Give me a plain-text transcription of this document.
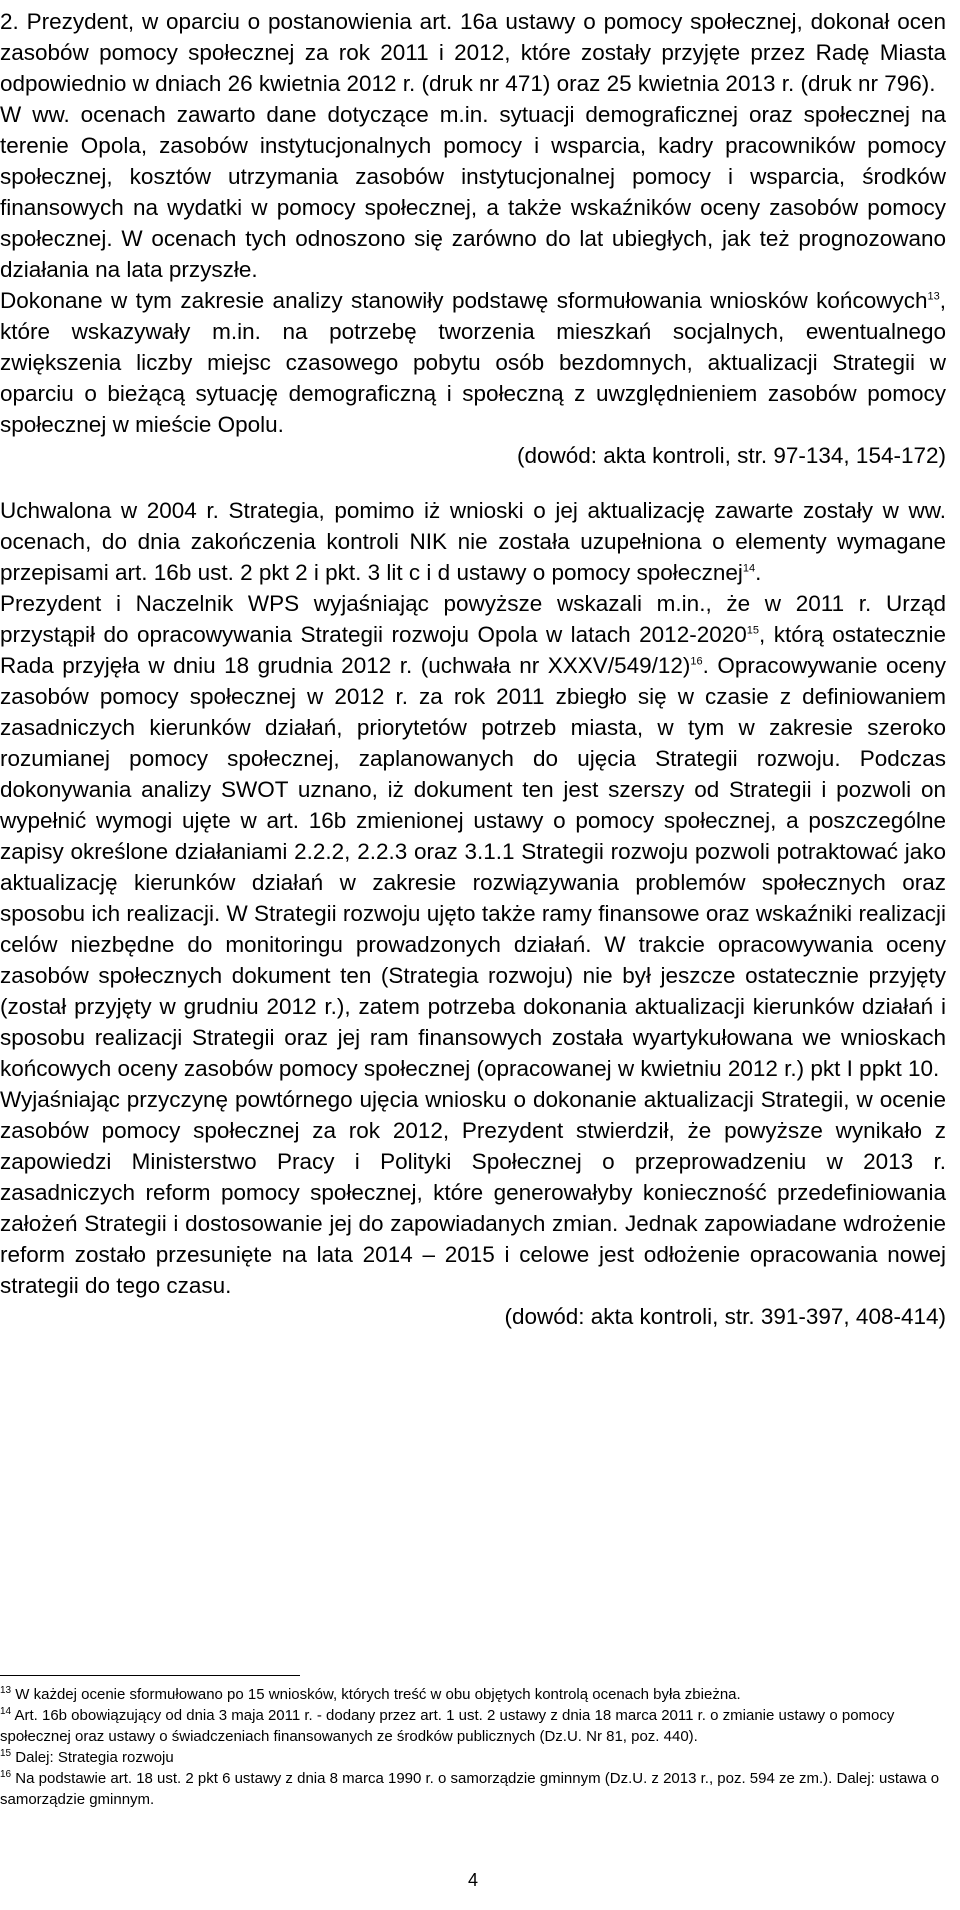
2. Prezydent, w oparciu o postanowienia art. 16a ustawy o pomocy społecznej, dokonał ocen zasobów pomocy społecznej za rok 2011 i 2012, które zostały przyjęte przez Radę Miasta odpowiednio w dniach 26 kwietnia 2012 r. (druk nr 471) oraz 25 kwietnia 2013 r. (druk nr 796).

W ww. ocenach zawarto dane dotyczące m.in. sytuacji demograficznej oraz społecznej na terenie Opola, zasobów instytucjonalnych pomocy i wsparcia, kadry pracowników pomocy społecznej, kosztów utrzymania zasobów instytucjonalnej pomocy i wsparcia, środków finansowych na wydatki w pomocy społecznej, a także wskaźników oceny zasobów pomocy społecznej. W ocenach tych odnoszono się zarówno do lat ubiegłych, jak też prognozowano działania na lata przyszłe.

Dokonane w tym zakresie analizy stanowiły podstawę sformułowania wniosków końcowych$^{13}$, które wskazywały m.in. na potrzebę tworzenia mieszkań socjalnych, ewentualnego zwiększenia liczby miejsc czasowego pobytu osób bezdomnych, aktualizacji Strategii w oparciu o bieżącą sytuację demograficzną i społeczną z uwzględnieniem zasobów pomocy społecznej w mieście Opolu.

(dowód: akta kontroli, str. 97-134, 154-172)

Uchwalona w 2004 r. Strategia, pomimo iż wnioski o jej aktualizację zawarte zostały w ww. ocenach, do dnia zakończenia kontroli NIK nie została uzupełniona o elementy wymagane przepisami art. 16b ust. 2 pkt 2 i pkt. 3 lit c i d ustawy o pomocy społecznej$^{14}$.

Prezydent i Naczelnik WPS wyjaśniając powyższe wskazali m.in., że w 2011 r. Urząd przystąpił do opracowywania Strategii rozwoju Opola w latach 2012-2020$^{15}$, którą ostatecznie Rada przyjęła w dniu 18 grudnia 2012 r. (uchwała nr XXXV/549/12)$^{16}$. Opracowywanie oceny zasobów pomocy społecznej w 2012 r. za rok 2011 zbiegło się w czasie z definiowaniem zasadniczych kierunków działań, priorytetów potrzeb miasta, w tym w zakresie szeroko rozumianej pomocy społecznej, zaplanowanych do ujęcia Strategii rozwoju. Podczas dokonywania analizy SWOT uznano, iż dokument ten jest szerszy od Strategii i pozwoli on wypełnić wymogi ujęte w art. 16b zmienionej ustawy o pomocy społecznej, a poszczególne zapisy określone działaniami 2.2.2, 2.2.3 oraz 3.1.1 Strategii rozwoju pozwoli potraktować jako aktualizację kierunków działań w zakresie rozwiązywania problemów społecznych oraz sposobu ich realizacji. W Strategii rozwoju ujęto także ramy finansowe oraz wskaźniki realizacji celów niezbędne do monitoringu prowadzonych działań. W trakcie opracowywania oceny zasobów społecznych dokument ten (Strategia rozwoju) nie był jeszcze ostatecznie przyjęty (został przyjęty w grudniu 2012 r.), zatem potrzeba dokonania aktualizacji kierunków działań i sposobu realizacji Strategii oraz jej ram finansowych została wyartykułowana we wnioskach końcowych oceny zasobów pomocy społecznej (opracowanej w kwietniu 2012 r.) pkt I ppkt 10.

Wyjaśniając przyczynę powtórnego ujęcia wniosku o dokonanie aktualizacji Strategii, w ocenie zasobów pomocy społecznej za rok 2012, Prezydent stwierdził, że powyższe wynikało z zapowiedzi Ministerstwo Pracy i Polityki Społecznej o przeprowadzeniu w 2013 r. zasadniczych reform pomocy społecznej, które generowałyby konieczność przedefiniowania założeń Strategii i dostosowanie jej do zapowiadanych zmian. Jednak zapowiadane wdrożenie reform zostało przesunięte na lata 2014 – 2015 i celowe jest odłożenie opracowania nowej strategii do tego czasu.

(dowód: akta kontroli, str. 391-397, 408-414)

$^{13}$ W każdej ocenie sformułowano po 15 wniosków, których treść w obu objętych kontrolą ocenach była zbieżna.

$^{14}$ Art. 16b obowiązujący od dnia 3 maja 2011 r. - dodany przez art. 1 ust. 2 ustawy z dnia 18 marca 2011 r. o zmianie ustawy o pomocy społecznej oraz ustawy o świadczeniach finansowanych ze środków publicznych (Dz.U. Nr 81, poz. 440).

$^{15}$ Dalej: Strategia rozwoju

$^{16}$ Na podstawie art. 18 ust. 2 pkt 6 ustawy z dnia 8 marca 1990 r. o samorządzie gminnym (Dz.U. z 2013 r., poz. 594 ze zm.). Dalej: ustawa o samorządzie gminnym.

4
